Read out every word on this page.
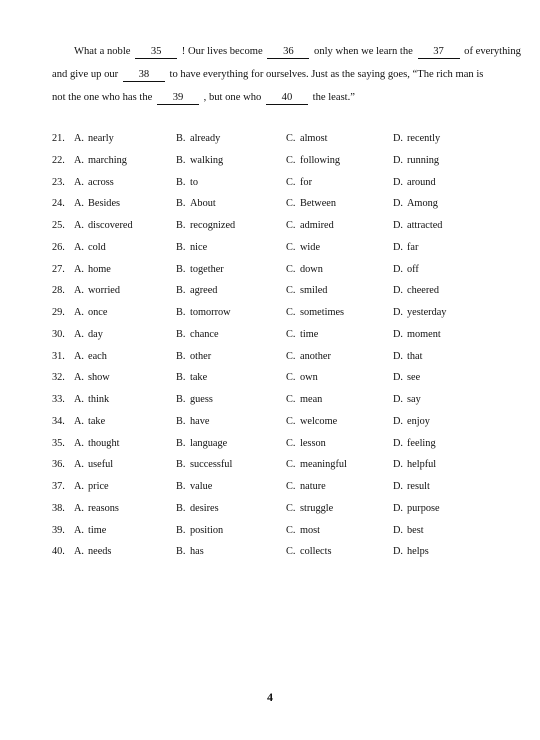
What a noble 35 ! Our lives become 36 only when we learn the 37 of everything
and give up our 38 to have everything for ourselves. Just as the saying goes, “The rich man is
not the one who has the 39 , but one who 40 the least.”
21. A. nearly	B. already	C. almost	D. recently
22. A. marching	B. walking	C. following	D. running
23. A. across	B. to	C. for	D. around
24. A. Besides	B. About	C. Between	D. Among
25. A. discovered	B. recognized	C. admired	D. attracted
26. A. cold	B. nice	C. wide	D. far
27. A. home	B. together	C. down	D. off
28. A. worried	B. agreed	C. smiled	D. cheered
29. A. once	B. tomorrow	C. sometimes	D. yesterday
30. A. day	B. chance	C. time	D. moment
31. A. each	B. other	C. another	D. that
32. A. show	B. take	C. own	D. see
33. A. think	B. guess	C. mean	D. say
34. A. take	B. have	C. welcome	D. enjoy
35. A. thought	B. language	C. lesson	D. feeling
36. A. useful	B. successful	C. meaningful	D. helpful
37. A. price	B. value	C. nature	D. result
38. A. reasons	B. desires	C. struggle	D. purpose
39. A. time	B. position	C. most	D. best
40. A. needs	B. has	C. collects	D. helps
4
